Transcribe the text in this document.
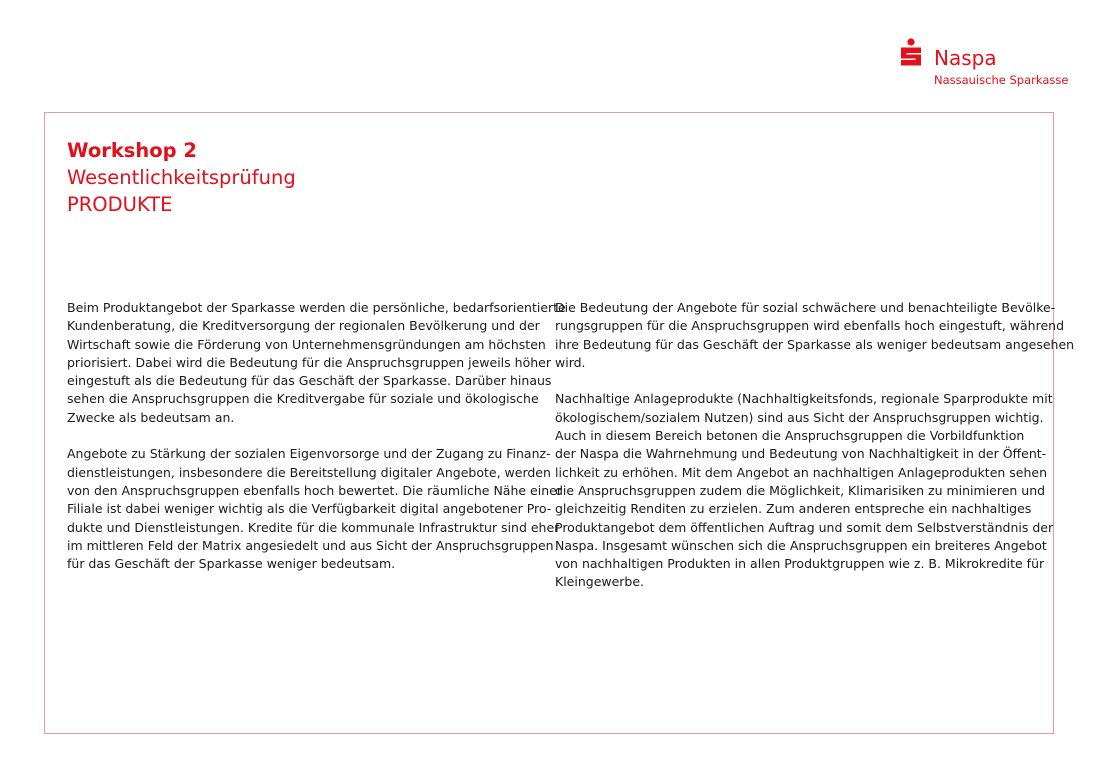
Naspa
Nassauische Sparkasse
Workshop 2
Wesentlichkeitsprüfung
PRODUKTE

Beim Produktangebot der Sparkasse werden die persönliche, bedarfsorientierte
Kundenberatung, die Kreditversorgung der regionalen Bevölkerung und der
Wirtschaft sowie die Förderung von Unternehmensgründungen am höchsten
priorisiert. Dabei wird die Bedeutung für die Anspruchsgruppen jeweils höher
eingestuft als die Bedeutung für das Geschäft der Sparkasse. Darüber hinaus
sehen die Anspruchsgruppen die Kreditvergabe für soziale und ökologische
Zwecke als bedeutsam an.

Angebote zu Stärkung der sozialen Eigenvorsorge und der Zugang zu Finanz-
dienstleistungen, insbesondere die Bereitstellung digitaler Angebote, werden
von den Anspruchsgruppen ebenfalls hoch bewertet. Die räumliche Nähe einer
Filiale ist dabei weniger wichtig als die Verfügbarkeit digital angebotener Pro-
dukte und Dienstleistungen. Kredite für die kommunale Infrastruktur sind eher
im mittleren Feld der Matrix angesiedelt und aus Sicht der Anspruchsgruppen
für das Geschäft der Sparkasse weniger bedeutsam.

Die Bedeutung der Angebote für sozial schwächere und benachteiligte Bevölke-
rungsgruppen für die Anspruchsgruppen wird ebenfalls hoch eingestuft, während
ihre Bedeutung für das Geschäft der Sparkasse als weniger bedeutsam angesehen
wird.

Nachhaltige Anlageprodukte (Nachhaltigkeitsfonds, regionale Sparprodukte mit
ökologischem/sozialem Nutzen) sind aus Sicht der Anspruchsgruppen wichtig.
Auch in diesem Bereich betonen die Anspruchsgruppen die Vorbildfunktion
der Naspa die Wahrnehmung und Bedeutung von Nachhaltigkeit in der Öffent-
lichkeit zu erhöhen. Mit dem Angebot an nachhaltigen Anlageprodukten sehen
die Anspruchsgruppen zudem die Möglichkeit, Klimarisiken zu minimieren und
gleichzeitig Renditen zu erzielen. Zum anderen entspreche ein nachhaltiges
Produktangebot dem öffentlichen Auftrag und somit dem Selbstverständnis der
Naspa. Insgesamt wünschen sich die Anspruchsgruppen ein breiteres Angebot
von nachhaltigen Produkten in allen Produktgruppen wie z. B. Mikrokredite für
Kleingewerbe.
